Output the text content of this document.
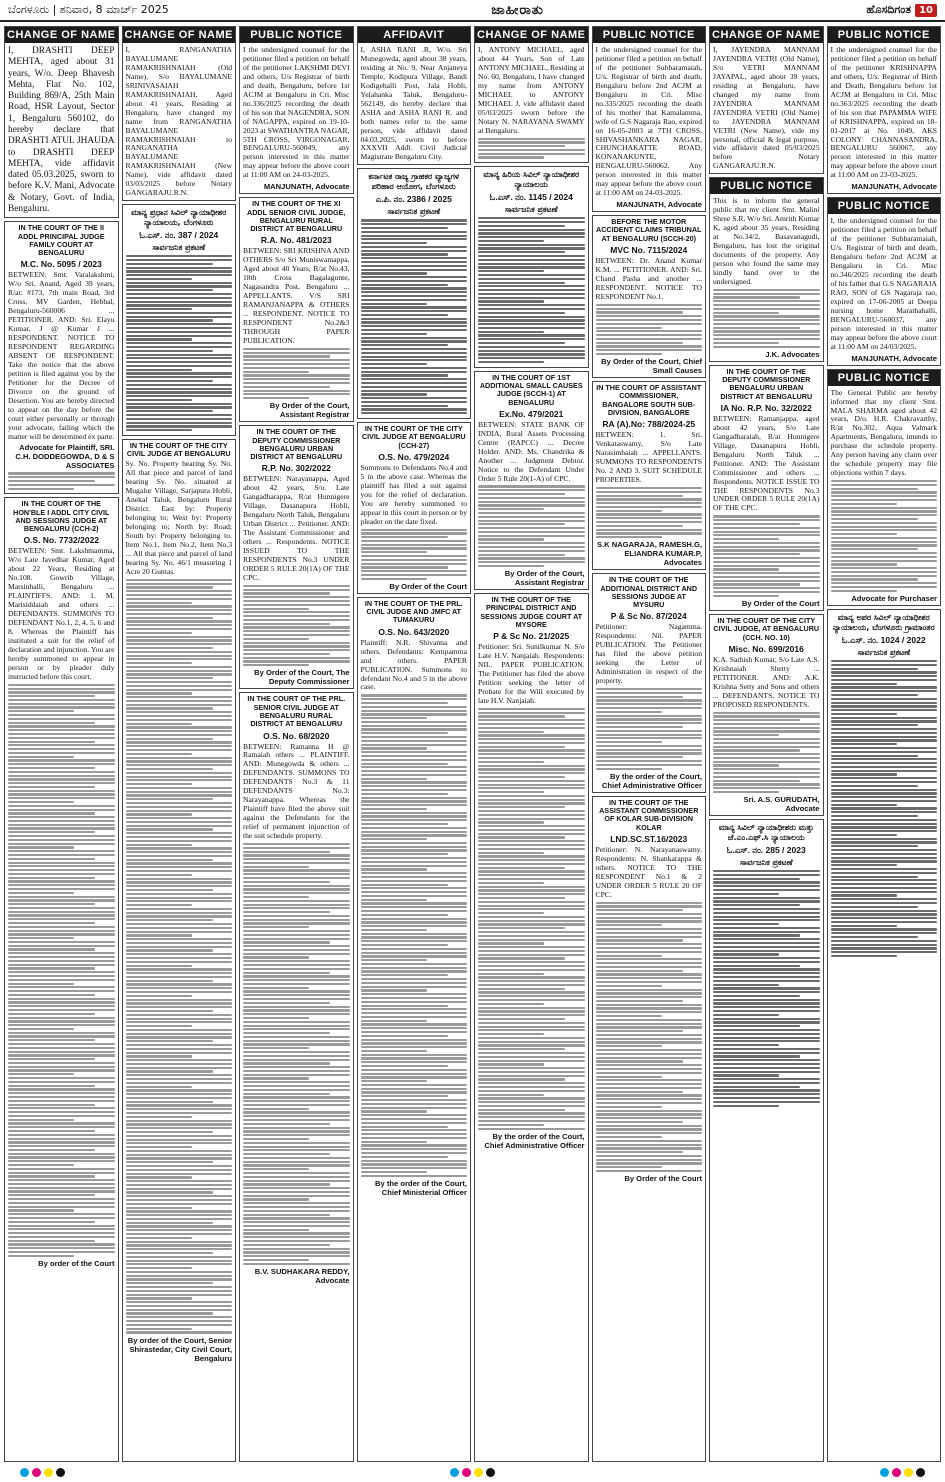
ಬೆಂಗಳೂರು | ಶನಿವಾರ, 8 ಮಾರ್ಚ್ 2025	ಜಾಹೀರಾತು	ಹೊಸದಿಗಂತ 10
CHANGE OF NAME
I, DRASHTI DEEP MEHTA, aged about 31 years, W/o. Deep Bhavesh Mehta, Flat No. 102, Building 869/A, 25th Main Road, HSR Layout, Sector 1, Bengaluru 560102, do hereby declare that DRASHTI ATUL JHAUDA to DRASHTI DEEP MEHTA, vide affidavit dated 05.03.2025, sworn to before K.V. Mani, Advocate & Notary, Govt. of India, Bengaluru.
IN THE COURT OF THE II ADDL PRINCIPAL JUDGE FAMILY COURT AT BENGALURU
M.C. No. 5095 / 2023
BETWEEN: Smt. Varalakshmi, W/o Sri. Anand, Aged 39 years, R/at: #173, 7th main Road, 3rd Cross, MV Garden, Hebbal, Bengaluru-560006 ... PETITIONER. AND: Sri. Elayu Kumar, J @ Kumar J ... RESPONDENT. NOTICE TO RESPONDENT REGARDING ABSENT OF RESPONDENT. Take the notice that the above petition is filed against you by the Petitioner for the Decree of Divorce on the ground of Desertion. You are hereby directed to appear on the day before the court either personally or through your advocate, failing which the matter will be determined ex parte.
Advocate for Plaintiff, SRI. C.H. DODDEGOWDA, D & S ASSOCIATES
IN THE COURT OF THE HON'BLE I ADDL CITY CIVIL AND SESSIONS JUDGE AT BENGALURU (CCH-2)
O.S. No. 7732/2022
BETWEEN: Smt. Lakshmamma, W/o Late Javedhar Kumar, Aged about 22 Years, Residing at No.108. Gowrib Village, Marsinhalli, Bengaluru ... PLAINTIFFS. AND: 1. M. Marisiddaiah and others ... DEFENDANTS. SUMMONS TO DEFENDANT No.1, 2, 4, 5, 6 and 8. Whereas the Plaintiff has instituted a suit for the relief of declaration and injunction. You are hereby summoned to appear in person or by pleader duly instructed before this court.
By order of the Court
CHANGE OF NAME
I, RANGANATHA BAYALUMANE RAMAKRISHNAIAH (Old Name), S/o BAYALUMANE SRINIVASAIAH RAMAKRISHNAIAH, Aged about 41 years, Residing at Bengaluru, have changed my name from RANGANATHA BAYALUMANE RAMAKRISHNAIAH to RANGANATHA BAYALUMANE RAMAKRISHNAIAH (New Name), vide affidavit dated 03/03/2025 before Notary GANGARAJU.R.N.
ಮಾನ್ಯ ಪ್ರಧಾನ ಸಿವಿಲ್ ನ್ಯಾಯಾಧೀಶರ ನ್ಯಾಯಾಲಯ, ಬೆಂಗಳೂರು
ಓ.ಎಸ್. ನಂ. 387 / 2024
ಸಾರ್ವಜನಿಕ ಪ್ರಕಟಣೆ
IN THE COURT OF THE CITY CIVIL JUDGE AT BENGALURU
Sy. No. Property bearing Sy. No. All that piece and parcel of land bearing Sy. No. situated at Mugalur Village, Sarjapura Hobli, Anekal Taluk, Bengaluru Rural District. East by: Property belonging to; West by: Property belonging to; North by: Road; South by: Property belonging to. Item No.1, Item No.2, Item No.3 ... All that piece and parcel of land bearing Sy. No. 46/1 measuring 1 Acre 20 Guntas.
By order of the Court, Senior Shirastedar, City Civil Court, Bengaluru
PUBLIC NOTICE
I the undersigned counsel for the petitioner filed a petition on behalf of the petitioner LAKSHMI DEVI and others, U/s Registrar of birth and death, Bengaluru, before 1st ACJM at Bengaluru in Cri. Misc no.336/2025 recording the death of his son that NAGENDRA, SON of NAGAPPA, expired on 19-10-2023 at SWATHANTRA NAGAR, 5TH CROSS, VIRGONAGAR, BENGALURU-560049, any person interested in this matter may appear before the above court at 11:00 AM on 24-03-2025.
MANJUNATH, Advocate
IN THE COURT OF THE XI ADDL SENIOR CIVIL JUDGE, BENGALURU RURAL DISTRICT AT BENGALURU
R.A. No. 481/2023
BETWEEN: SRI KRISHNA AND OTHERS S/o Sri Muniswamappa, Aged about 40 Years, R/at No.43, 18th Cross Bagalagunte, Nagasandra Post, Bengaluru ... APPELLANTS. V/S SRI RAMANJANAPPA & OTHERS ... RESPONDENT. NOTICE TO RESPONDENT No.2&3 THROUGH PAPER PUBLICATION.
By Order of the Court, Assistant Registrar
IN THE COURT OF THE DEPUTY COMMISSIONER BENGALURU URBAN DISTRICT AT BENGALURU
R.P. No. 302/2022
BETWEEN: Narayanappa, Aged about 42 years, S/o. Late Gangadharappa, R/at Hunnigere Village, Dasanapura Hobli, Bengaluru North Taluk, Bengaluru Urban District ... Petitioner. AND: The Assistant Commissioner and others ... Respondents. NOTICE ISSUED TO THE RESPONDENTS No.3 UNDER ORDER 5 RULE 20(1A) OF THE CPC.
By Order of the Court, The Deputy Commissioner
IN THE COURT OF THE PRL. SENIOR CIVIL JUDGE AT BENGALURU RURAL DISTRICT AT BENGALURU
O.S. No. 68/2020
BETWEEN: Ramanna H @ Ramaiah others ... PLAINTIFF. AND: Munegowda & others ... DEFENDANTS. SUMMONS TO DEFENDANTS No.3 & 11 DEFENDANTS No.3: Narayanappa. Whereas the Plaintiff have filed the above suit against the Defendants for the relief of permanent injunction of the suit schedule property.
B.V. SUDHAKARA REDDY, Advocate
AFFIDAVIT
I, ASHA RANI .R, W/o. Sri Munegowda, aged about 38 years, residing at No. 9, Near Anjaneya Temple, Kodipura Village, Bandi Kodigehalli Post, Jala Hobli, Yelahanka Taluk, Bengaluru-562149, do hereby declare that ASHA and ASHA RANI R. and both names refer to the same person, vide affidavit dated 04.03.2025, sworn to before XXXVII Addl. Civil Judicial Magistrate Bengaluru City.
ಕರ್ನಾಟಕ ರಾಜ್ಯ ಗ್ರಾಹಕರ ವ್ಯಾಜ್ಯಗಳ ಪರಿಹಾರ ಆಯೋಗ, ಬೆಂಗಳೂರು
ಎ.ಪಿ. ನಂ. 2386 / 2025
ಸಾರ್ವಜನಿಕ ಪ್ರಕಟಣೆ
IN THE COURT OF THE CITY CIVIL JUDGE AT BENGALURU (CCH-27)
O.S. No. 479/2024
Summons to Defendants No.4 and 5 in the above case. Whereas the plaintiff has filed a suit against you for the relief of declaration. You are hereby summoned to appear in this court in person or by pleader on the date fixed.
By Order of the Court
IN THE COURT OF THE PRL. CIVIL JUDGE AND JMFC AT TUMAKURU
O.S. No. 643/2020
Plaintiff: N.R. Shivanna and others. Defendants: Kempamma and others. PAPER PUBLICATION. Summons to defendant No.4 and 5 in the above case.
By the order of the Court, Chief Ministerial Officer
CHANGE OF NAME
I, ANTONY MICHAEL, aged about 44 Years, Son of Late ANTONY MICHAEL, Residing at No. 60, Bengaluru, I have changed my name from ANTONY MICHAEL to ANTONY MICHAEL J, vide affidavit dated 05/03/2025 sworn before the Notary N. NARAYANA SWAMY at Bengaluru.
ಮಾನ್ಯ ಹಿರಿಯ ಸಿವಿಲ್ ನ್ಯಾಯಾಧೀಶರ ನ್ಯಾಯಾಲಯ
ಓ.ಎಸ್. ನಂ. 1145 / 2024
ಸಾರ್ವಜನಿಕ ಪ್ರಕಟಣೆ
IN THE COURT OF 1ST ADDITIONAL SMALL CAUSES JUDGE (SCCH-1) AT BENGALURU
Ex.No. 479/2021
BETWEEN: STATE BANK OF INDIA, Rural Assets Processing Centre (RAPCC) ... Decree Holder. AND: Ms. Chandrika & Another ... Judgment Debtor. Notice to the Defendant Under Order 5 Rule 20(1-A) of CPC.
By Order of the Court, Assistant Registrar
IN THE COURT OF THE PRINCIPAL DISTRICT AND SESSIONS JUDGE COURT AT MYSORE
P & Sc No. 21/2025
Petitioner: Sri. Sunilkumar N. S/o Late H.V. Nanjaiah. Respondents: NIL. PAPER PUBLICATION. The Petitioner has filed the above Petition seeking the letter of Probate for the Will executed by late H.V. Nanjaiah.
By the order of the Court, Chief Administrative Officer
PUBLIC NOTICE
I the undersigned counsel for the petitioner filed a petition on behalf of the petitioner Subbaramaiah, U/s. Registrar of birth and death, Bengaluru before 2nd ACJM at Bengaluru in Cri. Misc no.335/2025 recording the death of his mother that Kamalamma, wife of G.S Nagaraja Rao, expired on 16-05-2003 at 7TH CROSS, SHIVASHANKARA NAGAR, CHUNCHAKATTE ROAD, KONANAKUNTE, BENGALURU-560062. Any person interested in this matter may appear before the above court at 11:00 AM on 24-03-2025.
MANJUNATH, Advocate
BEFORE THE MOTOR ACCIDENT CLAIMS TRIBUNAL AT BENGALURU (SCCH-20)
MVC No. 7115/2024
BETWEEN: Dr. Anand Kumar K.M. ... PETITIONER. AND: Sri. Chand Pasha and another ... RESPONDENT. NOTICE TO RESPONDENT No.1.
By Order of the Court, Chief Small Causes
IN THE COURT OF ASSISTANT COMMISSIONER, BANGALORE SOUTH SUB-DIVISION, BANGALORE
RA (A).No: 788/2024-25
BETWEEN: 1. Sri. Venkataswamy, S/o Late Narasimhaiah ... APPELLANTS. SUMMONS TO RESPONDENTS No. 2 AND 3. SUIT SCHEDULE PROPERTIES.
S.K NAGARAJA, RAMESH.G, ELIANDRA KUMAR.P, Advocates
IN THE COURT OF THE ADDITIONAL DISTRICT AND SESSIONS JUDGE AT MYSURU
P & Sc No. 87/2024
Petitioner: Nagamma. Respondents: Nil. PAPER PUBLICATION. The Petitioner has filed the above petition seeking the Letter of Administration in respect of the property.
By the order of the Court, Chief Administrative Officer
IN THE COURT OF THE ASSISTANT COMMISSIONER OF KOLAR SUB-DIVISION KOLAR
LND.SC.ST.16/2023
Petitioner: N. Narayanaswamy. Respondents: N. Shankarappa & others. NOTICE TO THE RESPONDENT No.1 & 2 UNDER ORDER 5 RULE 20 OF CPC.
By Order of the Court
CHANGE OF NAME
I, JAYENDRA MANNAM JAYENDRA VETRI (Old Name), S/o VETRI MANNAM JAYAPAL, aged about 39 years, residing at Bengaluru, have changed my name from JAYENDRA MANNAM JAYENDRA VETRI (Old Name) to JAYENDRA MANNAM VETRI (New Name), vide my personal, official & legal purpose, vide affidavit dated 05/03/2025 before Notary GANGARAJU.R.N.
PUBLIC NOTICE
This is to inform the general public that my client Smt. Malini Shree S.R. W/o Sri. Amrith Kumar K, aged about 35 years, Residing at No.34/2, Basavanagudi, Bengaluru, has lost the original documents of the property. Any person who found the same may kindly hand over to the undersigned.
J.K. Advocates
IN THE COURT OF THE DEPUTY COMMISSIONER BENGALURU URBAN DISTRICT AT BENGALURU
IA No. R.P. No. 32/2022
BETWEEN: Ramanjappa, aged about 42 years, S/o Late Gangadharaiah, R/at Hunnigere Village, Dasanapura Hobli, Bengaluru North Taluk ... Petitioner. AND: The Assistant Commissioner and others ... Respondents. NOTICE ISSUE TO THE RESPONDENTS No.3 UNDER ORDER 5 RULE 20(1A) OF THE CPC.
By Order of the Court
IN THE COURT OF THE CITY CIVIL JUDGE, AT BENGALURU (CCH. NO. 10)
Misc. No. 699/2016
K.A. Sathish Kumar, S/o Late A.S. Krishnaiah Shetty ... PETITIONER. AND: A.K. Krishna Setty and Sons and others ... DEFENDANTS. NOTICE TO PROPOSED RESPONDENTS.
Sri. A.S. GURUDATH, Advocate
ಮಾನ್ಯ ಸಿವಿಲ್ ನ್ಯಾಯಾಧೀಶರು ಮತ್ತು ಜೆ.ಎಂ.ಎಫ್.ಸಿ ನ್ಯಾಯಾಲಯ
ಓ.ಎಸ್. ನಂ. 285 / 2023
ಸಾರ್ವಜನಿಕ ಪ್ರಕಟಣೆ
PUBLIC NOTICE
I the undersigned counsel for the petitioner filed a petition on behalf of the petitioner KRISHNAPPA and others, U/s. Registrar of Birth and Death, Bengaluru before 1st ACJM at Bengaluru in Cri. Misc no.363/2025 recording the death of his son that PAPAMMA WIFE of KRISHNAPPA, expired on 18-01-2017 at No. 1049, AKS COLONY CHANNASANDRA, BENGALURU 560067, any person interested in this matter may appear before the above court at 11:00 AM on 23-03-2025.
MANJUNATH, Advocate
PUBLIC NOTICE
I, the undersigned counsel for the petitioner filed a petition on behalf of the petitioner Subbaramaiah, U/s. Registrar of birth and death, Bengaluru before 2nd ACJM at Bengaluru in Cri. Misc no.346/2025 recording the death of his father that G.S NAGARAJA RAO, SON of GS Nagaraja rao, expired on 17-06-2005 at Deepa nursing home Marathahalli, BENGALURU-560037, any person interested in this matter may appear before the above court at 11:00 AM on 24/03/2025.
MANJUNATH, Advocate
PUBLIC NOTICE
The General Public are hereby informed that my client Smt. MALA SHARMA aged about 42 years, D/o. H.R. Chakravarthy, R/at No.302, Aqua Valmark Apartments, Bengaluru, intends to purchase the schedule property. Any person having any claim over the schedule property may file objections within 7 days.
Advocate for Purchaser
ಮಾನ್ಯ ಅಪರ ಸಿವಿಲ್ ನ್ಯಾಯಾಧೀಶರ ನ್ಯಾಯಾಲಯ, ಬೆಂಗಳೂರು ಗ್ರಾಮಾಂತರ
ಓ.ಎಸ್. ನಂ. 1024 / 2022
ಸಾರ್ವಜನಿಕ ಪ್ರಕಟಣೆ
